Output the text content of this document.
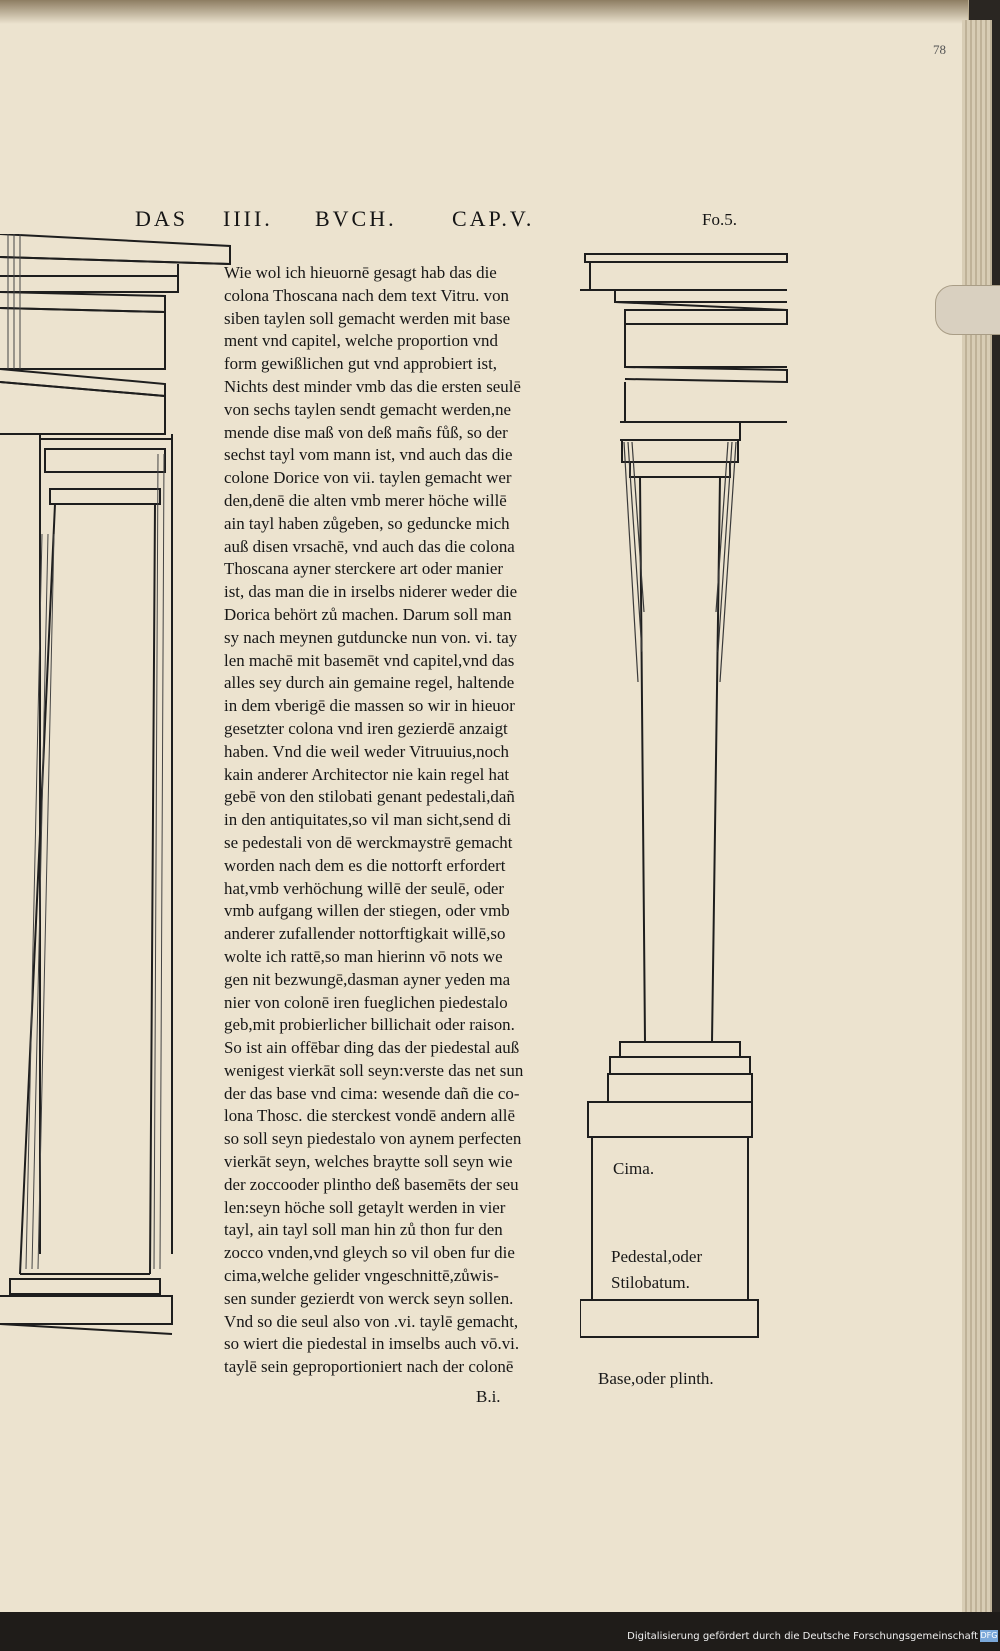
78
DAS IIII. BVCH.	CAP.V.	Fo.5.
Cima.
Pedestal,oder
Stilobatum.
Base,oder plinth.
Wie wol ich hieuornē gesagt hab das die
colona Thoscana nach dem text Vitru. von
siben taylen soll gemacht werden mit base
ment vnd capitel, welche proportion vnd
form gewißlichen gut vnd approbiert ist,
Nichts dest minder vmb das die ersten seulē
von sechs taylen sendt gemacht werden,ne
mende dise maß von deß mañs fůß, so der
sechst tayl vom mann ist, vnd auch das die
colone Dorice von vii. taylen gemacht wer
den,denē die alten vmb merer höche willē
ain tayl haben zůgeben, so geduncke mich
auß disen vrsachē, vnd auch das die colona
Thoscana ayner sterckere art oder manier
ist, das man die in irselbs niderer weder die
Dorica behört zů machen. Darum soll man
sy nach meynen gutduncke nun von. vi. tay
len machē mit basemēt vnd capitel,vnd das
alles sey durch ain gemaine regel, haltende
in dem vberigē die massen so wir in hieuor
gesetzter colona vnd iren gezierdē anzaigt
haben. Vnd die weil weder Vitruuius,noch
kain anderer Architector nie kain regel hat
gebē von den stilobati genant pedestali,dañ
in den antiquitates,so vil man sicht,send di
se pedestali von dē werckmaystrē gemacht
worden nach dem es die nottorft erfordert
hat,vmb verhöchung willē der seulē, oder
vmb aufgang willen der stiegen, oder vmb
anderer zufallender nottorftigkait willē,so
wolte ich rattē,so man hierinn vō nots we
gen nit bezwungē,dasman ayner yeden ma
nier von colonē iren fueglichen piedestalo
geb,mit probierlicher billichait oder raison.
So ist ain offēbar ding das der piedestal auß
wenigest vierkāt soll seyn:verste das net sun
der das base vnd cima: wesende dañ die co-
lona Thosc. die sterckest vondē andern allē
so soll seyn piedestalo von aynem perfecten
vierkāt seyn, welches braytte soll seyn wie
der zoccooder plintho deß basemēts der seu
len:seyn höche soll getaylt werden in vier
tayl, ain tayl soll man hin zů thon fur den
zocco vnden,vnd gleych so vil oben fur die
cima,welche gelider vngeschnittē,zůwis-
sen sunder gezierdt von werck seyn sollen.
Vnd so die seul also von .vi. taylē gemacht,
so wiert die piedestal in imselbs auch vō.vi.
taylē sein geproportioniert nach der colonē
B.i.
Digitalisierung gefördert durch die Deutsche Forschungsgemeinschaft DFG
